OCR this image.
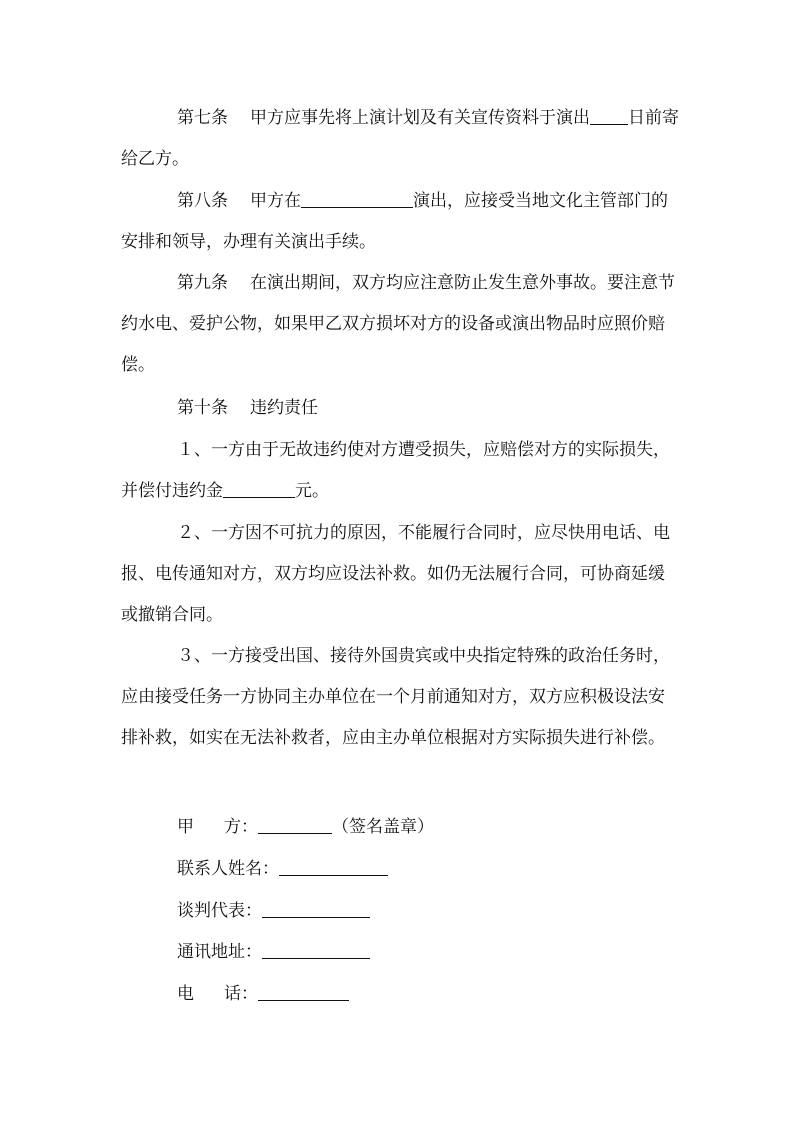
第七条 甲方应事先将上演计划及有关宣传资料于演出 日前寄给乙方。

第八条 甲方在	演出，应接受当地文化主管部门的安排和领导，办理有关演出手续。

第九条 在演出期间，双方均应注意防止发生意外事故。要注意节约水电、爱护公物，如果甲乙双方损坏对方的设备或演出物品时应照价赔偿。

第十条 违约责任

１、一方由于无故违约使对方遭受损失，应赔偿对方的实际损失，并偿付违约金	元。

２、一方因不可抗力的原因，不能履行合同时，应尽快用电话、电报、电传通知对方，双方均应设法补救。如仍无法履行合同，可协商延缓或撤销合同。

３、一方接受出国、接待外国贵宾或中央指定特殊的政治任务时，应由接受任务一方协同主办单位在一个月前通知对方，双方应积极设法安排补救，如实在无法补救者，应由主办单位根据对方实际损失进行补偿。

甲 方：	（签名盖章）

联系人姓名：

谈判代表：

通讯地址：

电 话：
